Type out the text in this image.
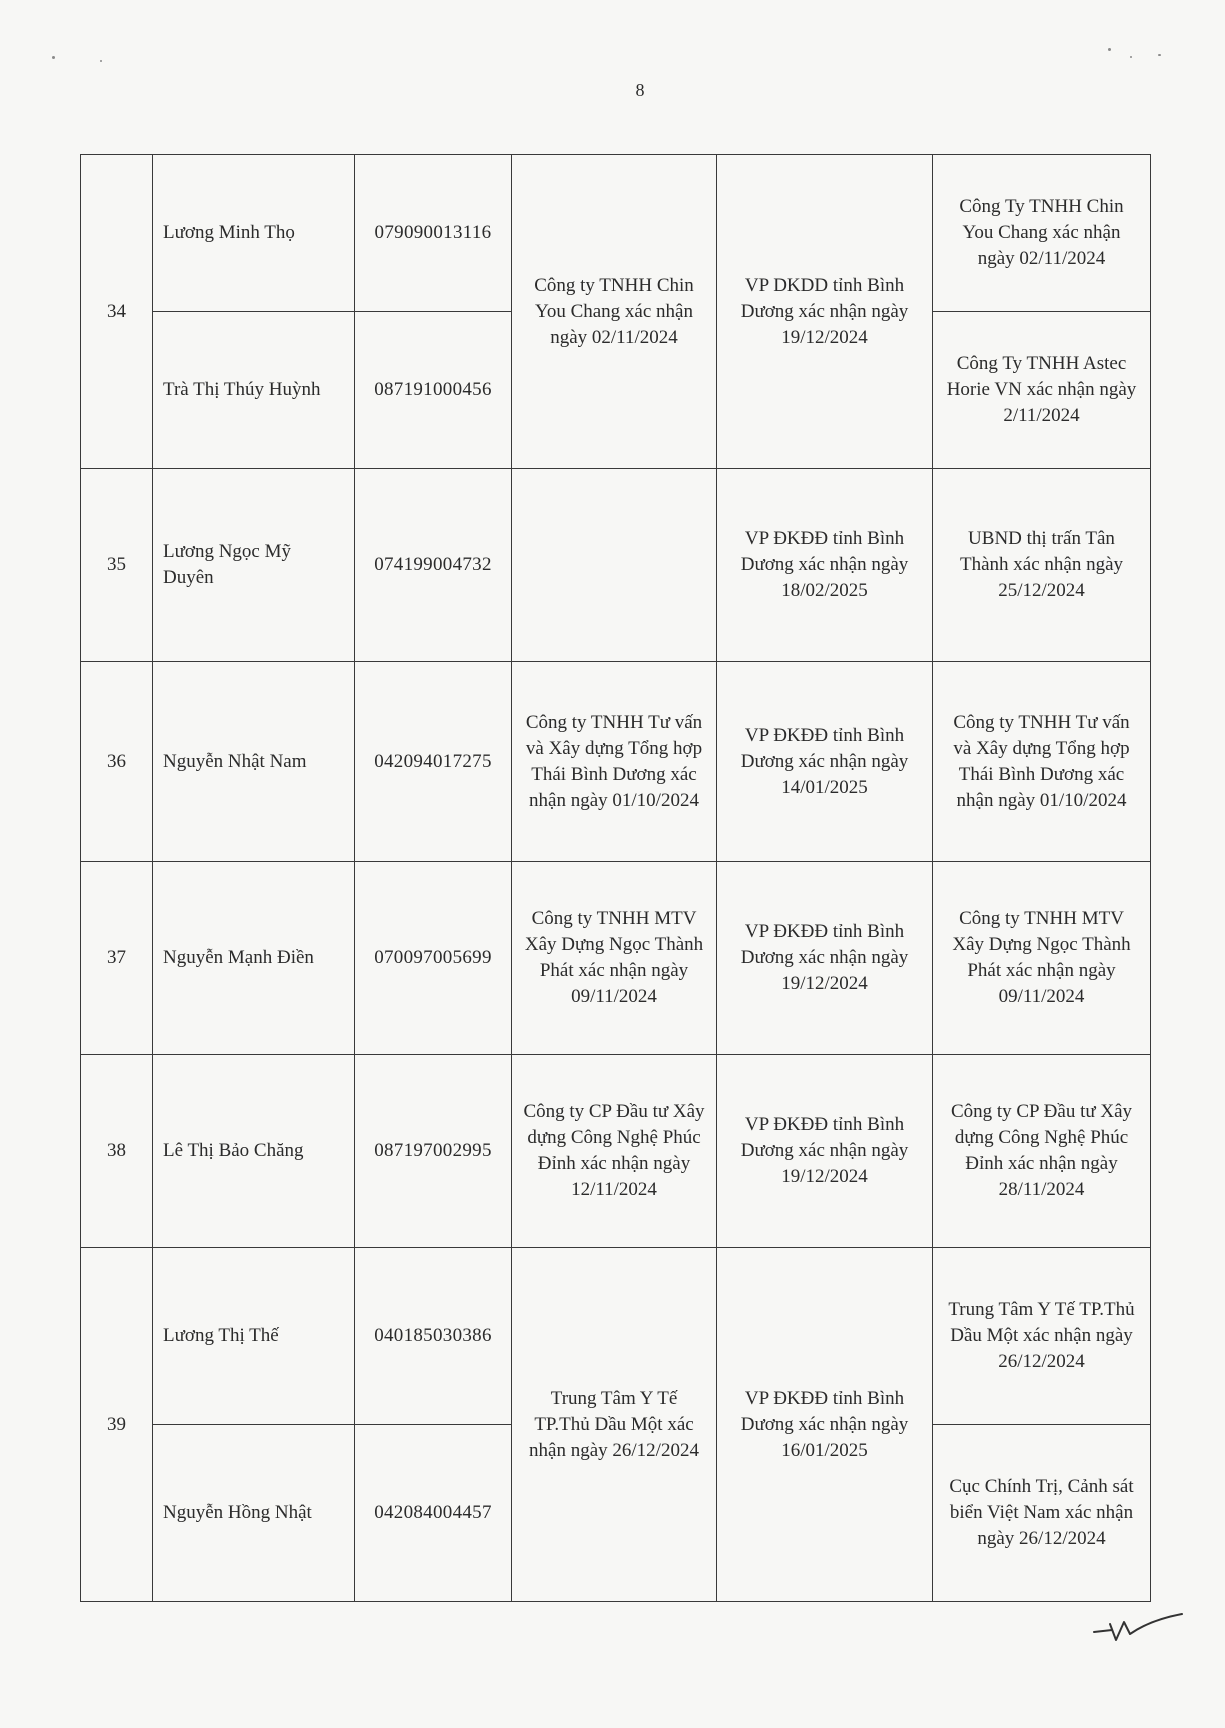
8
34	Lương Minh Thọ	079090013116	Công ty TNHH Chin You Chang xác nhận ngày 02/11/2024	VP DKDD tỉnh Bình Dương xác nhận ngày 19/12/2024	Công Ty TNHH Chin You Chang xác nhận ngày 02/11/2024
	Trà Thị Thúy Huỳnh	087191000456			Công Ty TNHH Astec Horie VN xác nhận ngày 2/11/2024
35	Lương Ngọc Mỹ Duyên	074199004732		VP ĐKĐĐ tỉnh Bình Dương xác nhận ngày 18/02/2025	UBND thị trấn Tân Thành xác nhận ngày 25/12/2024
36	Nguyễn Nhật Nam	042094017275	Công ty TNHH Tư vấn và Xây dựng Tổng hợp Thái Bình Dương xác nhận ngày 01/10/2024	VP ĐKĐĐ tỉnh Bình Dương xác nhận ngày 14/01/2025	Công ty TNHH Tư vấn và Xây dựng Tổng hợp Thái Bình Dương xác nhận ngày 01/10/2024
37	Nguyễn Mạnh Điền	070097005699	Công ty TNHH MTV Xây Dựng Ngọc Thành Phát xác nhận ngày 09/11/2024	VP ĐKĐĐ tỉnh Bình Dương xác nhận ngày 19/12/2024	Công ty TNHH MTV Xây Dựng Ngọc Thành Phát xác nhận ngày 09/11/2024
38	Lê Thị Bảo Chăng	087197002995	Công ty CP Đầu tư Xây dựng Công Nghệ Phúc Đỉnh xác nhận ngày 12/11/2024	VP ĐKĐĐ tỉnh Bình Dương xác nhận ngày 19/12/2024	Công ty CP Đầu tư Xây dựng Công Nghệ Phúc Đỉnh xác nhận ngày 28/11/2024
39	Lương Thị Thế	040185030386	Trung Tâm Y Tế TP.Thủ Dầu Một xác nhận ngày 26/12/2024	VP ĐKĐĐ tỉnh Bình Dương xác nhận ngày 16/01/2025	Trung Tâm Y Tế TP.Thủ Dầu Một xác nhận ngày 26/12/2024
	Nguyễn Hồng Nhật	042084004457			Cục Chính Trị, Cảnh sát biển Việt Nam xác nhận ngày 26/12/2024
